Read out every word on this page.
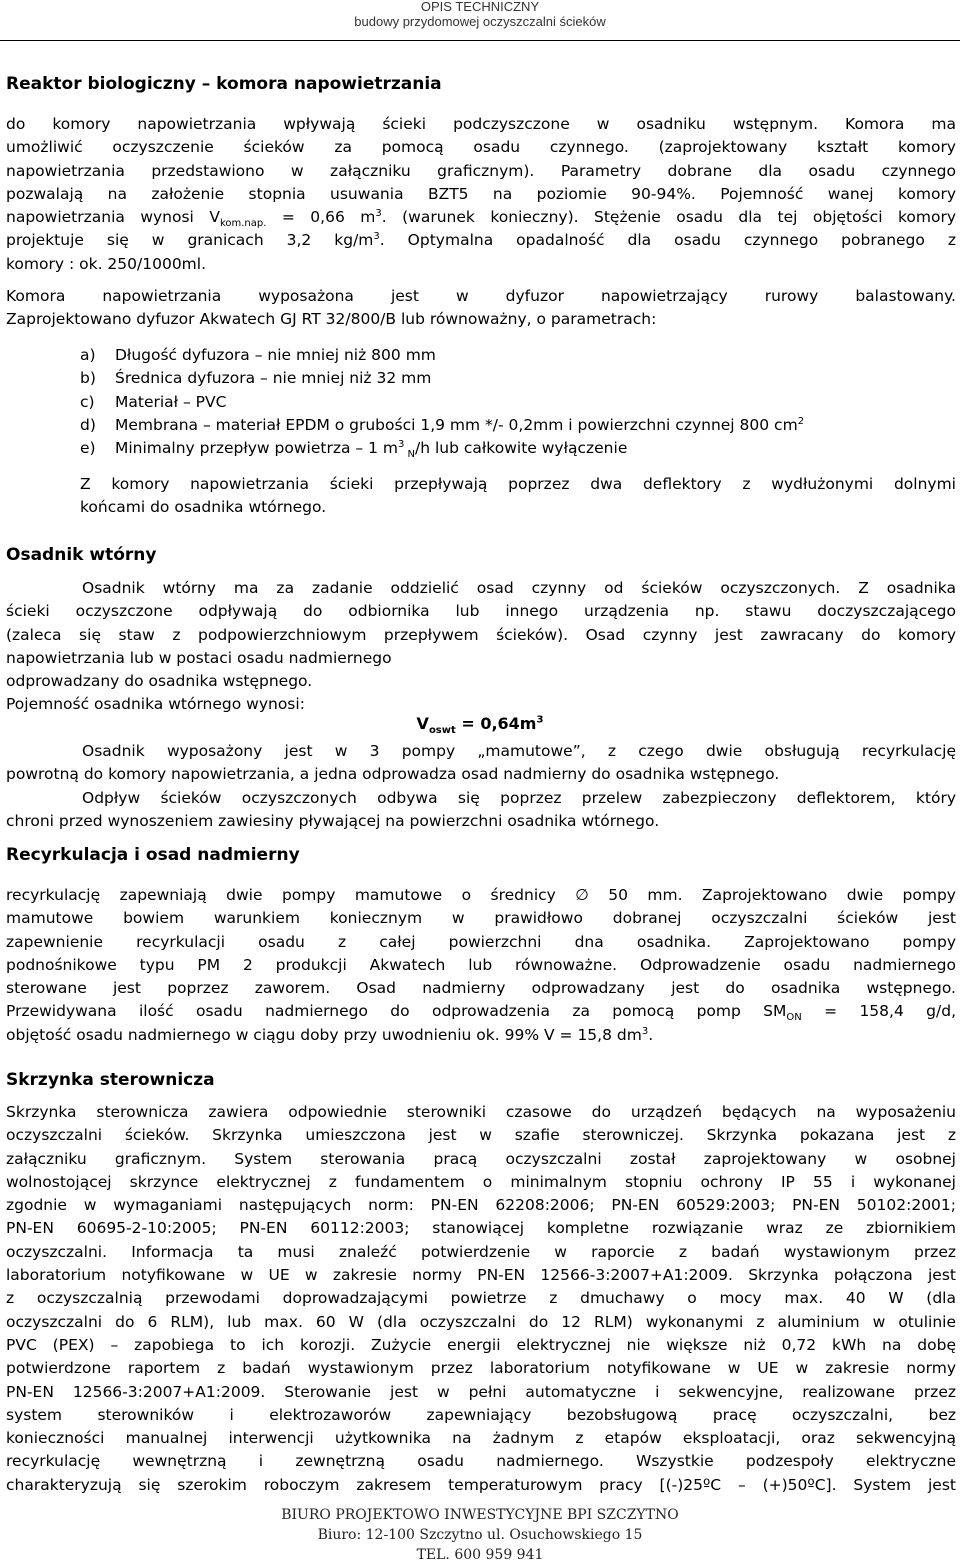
OPIS TECHNICZNY
budowy przydomowej oczyszczalni ścieków
Reaktor biologiczny – komora napowietrzania
do komory napowietrzania wpływają ścieki podczyszczone w osadniku wstępnym. Komora ma
umożliwić oczyszczenie ścieków za pomocą osadu czynnego. (zaprojektowany kształt komory
napowietrzania przedstawiono w załączniku graficznym). Parametry dobrane dla osadu czynnego
pozwalają na założenie stopnia usuwania BZT5 na poziomie 90-94%. Pojemność wanej komory
napowietrzania wynosi $V_{kom.nap.} = 0,66$ $m^3$. (warunek konieczny). Stężenie osadu dla tej objętości komory
projektuje się w granicach 3,2 $kg/m^3$. Optymalna opadalność dla osadu czynnego pobranego z
komory : ok. 250/1000ml.
Komora napowietrzania wyposażona jest w dyfuzor napowietrzający rurowy balastowany.
Zaprojektowano dyfuzor Akwatech GJ RT 32/800/B lub równoważny, o parametrach:
a) Długość dyfuzora – nie mniej niż 800 mm
b) Średnica dyfuzora – nie mniej niż 32 mm
c) Materiał – PVC
d) Membrana – materiał EPDM o grubości 1,9 mm */- 0,2mm i powierzchni czynnej 800 $cm^2$
e) Minimalny przepływ powietrza – 1 $m^3$ $_N$/h lub całkowite wyłączenie
Z komory napowietrzania ścieki przepływają poprzez dwa deflektory z wydłużonymi dolnymi
końcami do osadnika wtórnego.
Osadnik wtórny
Osadnik wtórny ma za zadanie oddzielić osad czynny od ścieków oczyszczonych. Z osadnika
ścieki oczyszczone odpływają do odbiornika lub innego urządzenia np. stawu doczyszczającego
(zaleca się staw z podpowierzchniowym przepływem ścieków). Osad czynny jest zawracany do komory
napowietrzania lub w postaci osadu nadmiernego
odprowadzany do osadnika wstępnego.
Pojemność osadnika wtórnego wynosi:
$V_{oswt} = 0,64m^3$
Osadnik wyposażony jest w 3 pompy „mamutowe”, z czego dwie obsługują recyrkulację
powrotną do komory napowietrzania, a jedna odprowadza osad nadmierny do osadnika wstępnego.
Odpływ ścieków oczyszczonych odbywa się poprzez przelew zabezpieczony deflektorem, który
chroni przed wynoszeniem zawiesiny pływającej na powierzchni osadnika wtórnego.
Recyrkulacja i osad nadmierny
recyrkulację zapewniają dwie pompy mamutowe o średnicy ∅ 50 mm. Zaprojektowano dwie pompy
mamutowe bowiem warunkiem koniecznym w prawidłowo dobranej oczyszczalni ścieków jest
zapewnienie recyrkulacji osadu z całej powierzchni dna osadnika. Zaprojektowano pompy
podnośnikowe typu PM 2 produkcji Akwatech lub równoważne. Odprowadzenie osadu nadmiernego
sterowane jest poprzez zaworem. Osad nadmierny odprowadzany jest do osadnika wstępnego.
Przewidywana ilość osadu nadmiernego do odprowadzenia za pomocą pomp $SM_{ON} = 158,4$ g/d,
objętość osadu nadmiernego w ciągu doby przy uwodnieniu ok. 99% V = 15,8 $dm^3$.
Skrzynka sterownicza
Skrzynka sterownicza zawiera odpowiednie sterowniki czasowe do urządzeń będących na wyposażeniu
oczyszczalni ścieków. Skrzynka umieszczona jest w szafie sterowniczej. Skrzynka pokazana jest z
załączniku graficznym. System sterowania pracą oczyszczalni został zaprojektowany w osobnej
wolnostojącej skrzynce elektrycznej z fundamentem o minimalnym stopniu ochrony IP 55 i wykonanej
zgodnie w wymaganiami następujących norm: PN-EN 62208:2006; PN-EN 60529:2003; PN-EN 50102:2001;
PN-EN 60695-2-10:2005; PN-EN 60112:2003; stanowiącej kompletne rozwiązanie wraz ze zbiornikiem
oczyszczalni. Informacja ta musi znaleźć potwierdzenie w raporcie z badań wystawionym przez
laboratorium notyfikowane w UE w zakresie normy PN-EN 12566-3:2007+A1:2009. Skrzynka połączona jest
z oczyszczalnią przewodami doprowadzającymi powietrze z dmuchawy o mocy max. 40 W (dla
oczyszczalni do 6 RLM), lub max. 60 W (dla oczyszczalni do 12 RLM) wykonanymi z aluminium w otulinie
PVC (PEX) – zapobiega to ich korozji. Zużycie energii elektrycznej nie większe niż 0,72 kWh na dobę
potwierdzone raportem z badań wystawionym przez laboratorium notyfikowane w UE w zakresie normy
PN-EN 12566-3:2007+A1:2009. Sterowanie jest w pełni automatyczne i sekwencyjne, realizowane przez
system sterowników i elektrozaworów zapewniający bezobsługową pracę oczyszczalni, bez
konieczności manualnej interwencji użytkownika na żadnym z etapów eksploatacji, oraz sekwencyjną
recyrkulację wewnętrzną i zewnętrzną osadu nadmiernego. Wszystkie podzespoły elektryczne
charakteryzują się szerokim roboczym zakresem temperaturowym pracy [(-)25ºC – (+)50ºC]. System jest
BIURO PROJEKTOWO INWESTYCYJNE BPI SZCZYTNO
Biuro: 12-100 Szczytno ul. Osuchowskiego 15
TEL. 600 959 941
